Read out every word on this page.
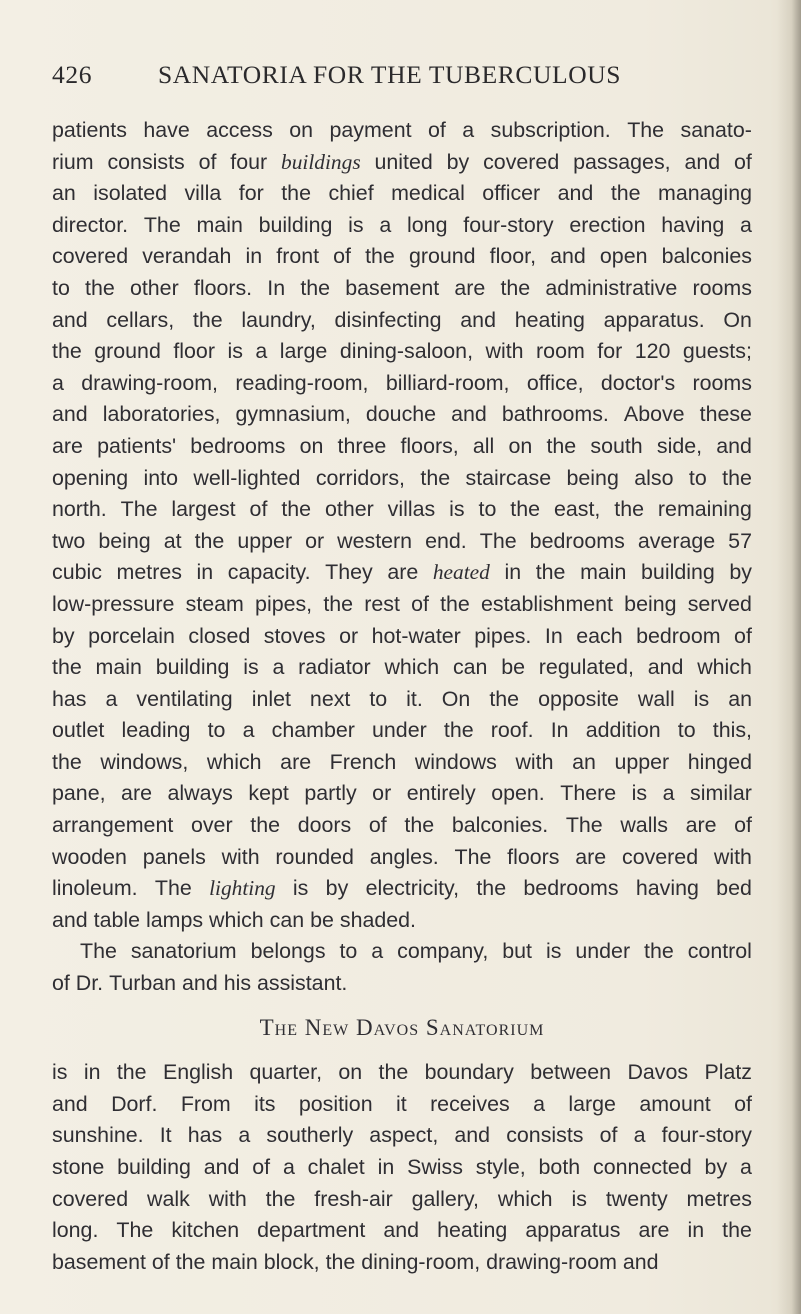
426	SANATORIA FOR THE TUBERCULOUS
patients have access on payment of a subscription. The sanato-
rium consists of four buildings united by covered passages, and of
an isolated villa for the chief medical officer and the managing
director. The main building is a long four-story erection having a
covered verandah in front of the ground floor, and open balconies
to the other floors. In the basement are the administrative rooms
and cellars, the laundry, disinfecting and heating apparatus. On
the ground floor is a large dining-saloon, with room for 120 guests;
a drawing-room, reading-room, billiard-room, office, doctor's rooms
and laboratories, gymnasium, douche and bathrooms. Above these
are patients' bedrooms on three floors, all on the south side, and
opening into well-lighted corridors, the staircase being also to the
north. The largest of the other villas is to the east, the remaining
two being at the upper or western end. The bedrooms average 57
cubic metres in capacity. They are heated in the main building by
low-pressure steam pipes, the rest of the establishment being served
by porcelain closed stoves or hot-water pipes. In each bedroom of
the main building is a radiator which can be regulated, and which
has a ventilating inlet next to it. On the opposite wall is an
outlet leading to a chamber under the roof. In addition to this,
the windows, which are French windows with an upper hinged
pane, are always kept partly or entirely open. There is a similar
arrangement over the doors of the balconies. The walls are of
wooden panels with rounded angles. The floors are covered with
linoleum. The lighting is by electricity, the bedrooms having bed
and
table
lamps
which
can
be
shaded.
The sanatorium belongs to a company, but is under the control
of
Dr.
Turban
and
his
assistant.
The New Davos Sanatorium
is in the English quarter, on the boundary between Davos Platz
and Dorf. From its position it receives a large amount of
sunshine. It has a southerly aspect, and consists of a four-story
stone building and of a chalet in Swiss style, both connected by a
covered walk with the fresh-air gallery, which is twenty metres
long. The kitchen department and heating apparatus are in the
basement
of
the
main
block,
the
dining-room,
drawing-room
and
